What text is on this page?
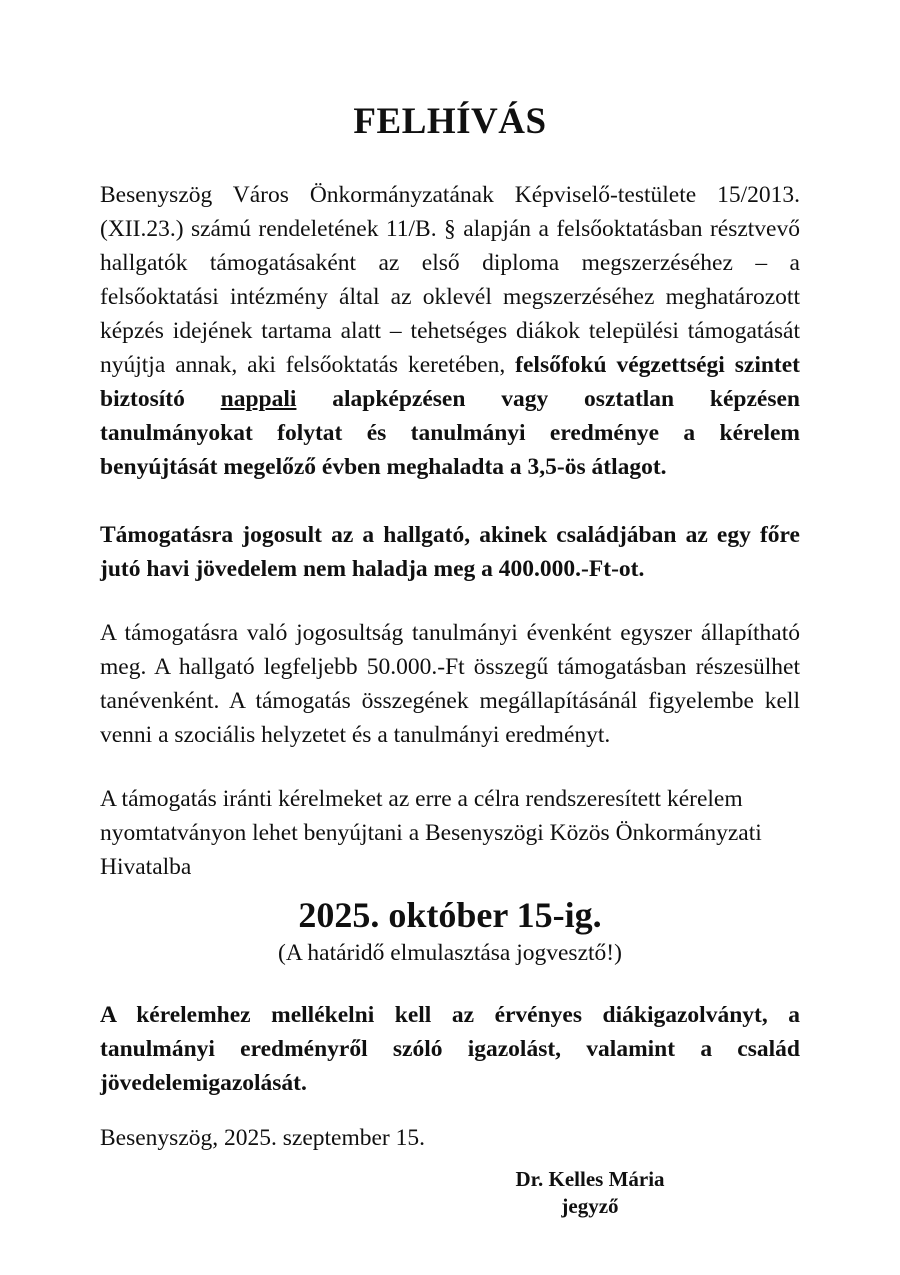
FELHÍVÁS

Besenyszög Város Önkormányzatának Képviselő-testülete 15/2013.(XII.23.) számú rendeletének 11/B. § alapján a felsőoktatásban résztvevő hallgatók támogatásaként az első diploma megszerzéséhez – a felsőoktatási intézmény által az oklevél megszerzéséhez meghatározott képzés idejének tartama alatt – tehetséges diákok települési támogatását nyújtja annak, aki felsőoktatás keretében, felsőfokú végzettségi szintet biztosító nappali alapképzésen vagy osztatlan képzésen tanulmányokat folytat és tanulmányi eredménye a kérelem benyújtását megelőző évben meghaladta a 3,5-ös átlagot.

Támogatásra jogosult az a hallgató, akinek családjában az egy főre jutó havi jövedelem nem haladja meg a 400.000.-Ft-ot.

A támogatásra való jogosultság tanulmányi évenként egyszer állapítható meg. A hallgató legfeljebb 50.000.-Ft összegű támogatásban részesülhet tanévenként. A támogatás összegének megállapításánál figyelembe kell venni a szociális helyzetet és a tanulmányi eredményt.

A támogatás iránti kérelmeket az erre a célra rendszeresített kérelem nyomtatványon lehet benyújtani a Besenyszögi Közös Önkormányzati Hivatalba

2025. október 15-ig.

(A határidő elmulasztása jogvesztő!)

A kérelemhez mellékelni kell az érvényes diákigazolványt, a tanulmányi eredményről szóló igazolást, valamint a család jövedelemigazolását.

Besenyszög, 2025. szeptember 15.

Dr. Kelles Mária
jegyző
